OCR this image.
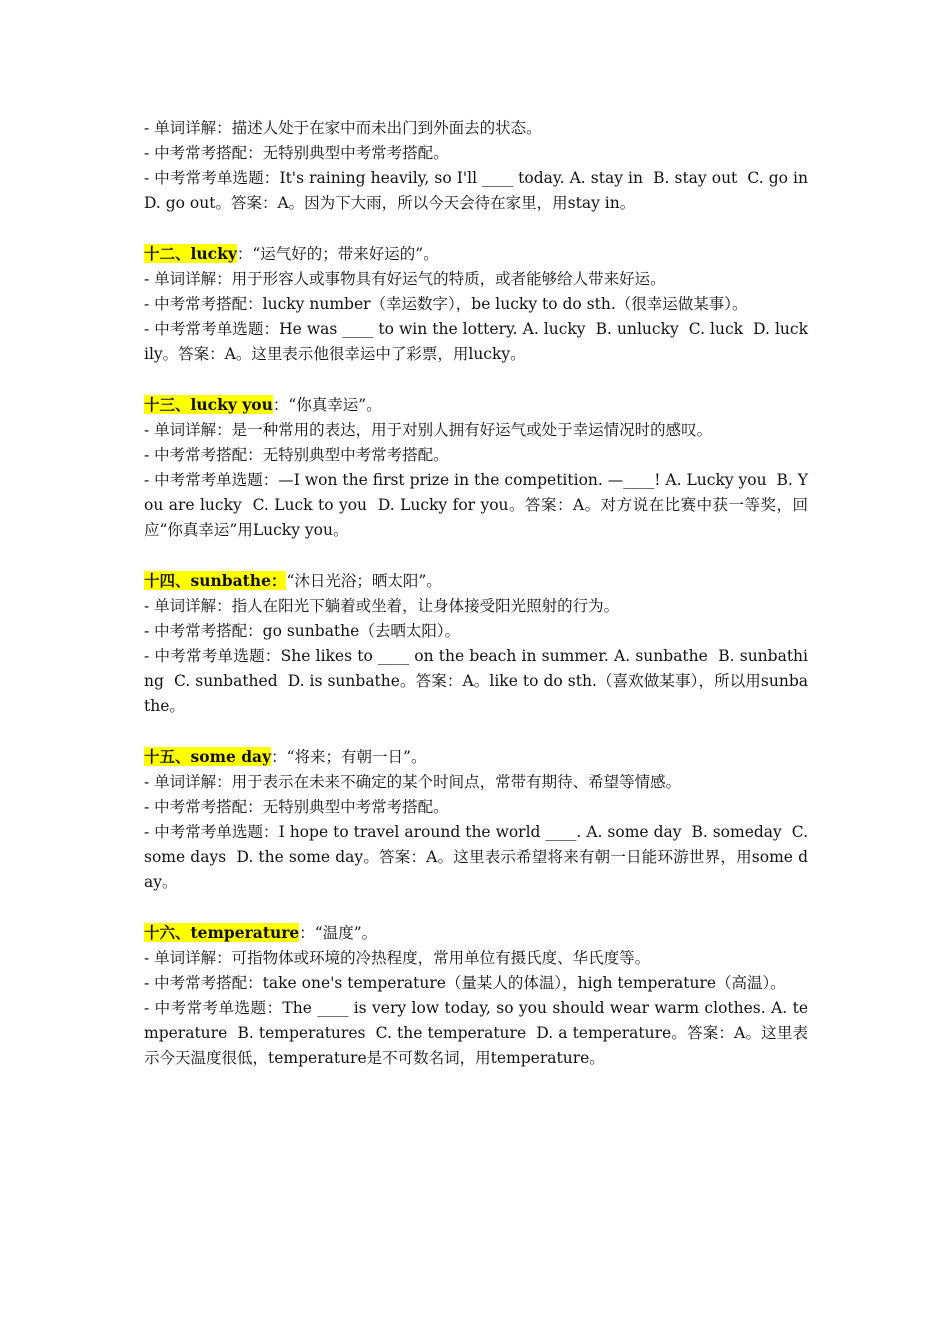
- 单词详解：描述人处于在家中而未出门到外面去的状态。
- 中考常考搭配：无特别典型中考常考搭配。
- 中考常考单选题：It's raining heavily, so I'll ____ today. A. stay in  B. stay out  C. go in  D. go out。答案：A。因为下大雨，所以今天会待在家里，用stay in。
十二、lucky：“运气好的；带来好运的”。
- 单词详解：用于形容人或事物具有好运气的特质，或者能够给人带来好运。
- 中考常考搭配：lucky number（幸运数字），be lucky to do sth.（很幸运做某事）。
- 中考常考单选题：He was ____ to win the lottery. A. lucky  B. unlucky  C. luck  D. luckily。答案：A。这里表示他很幸运中了彩票，用lucky。
十三、lucky you：“你真幸运”。
- 单词详解：是一种常用的表达，用于对别人拥有好运气或处于幸运情况时的感叹。
- 中考常考搭配：无特别典型中考常考搭配。
- 中考常考单选题：—I won the first prize in the competition. —____! A. Lucky you  B. You are lucky  C. Luck to you  D. Lucky for you。答案：A。对方说在比赛中获一等奖，回应“你真幸运”用Lucky you。
十四、sunbathe：“沐日光浴；晒太阳”。
- 单词详解：指人在阳光下躺着或坐着，让身体接受阳光照射的行为。
- 中考常考搭配：go sunbathe（去晒太阳）。
- 中考常考单选题：She likes to ____ on the beach in summer. A. sunbathe  B. sunbathing  C. sunbathed  D. is sunbathe。答案：A。like to do sth.（喜欢做某事），所以用sunbathe。
十五、some day：“将来；有朝一日”。
- 单词详解：用于表示在未来不确定的某个时间点，常带有期待、希望等情感。
- 中考常考搭配：无特别典型中考常考搭配。
- 中考常考单选题：I hope to travel around the world ____. A. some day  B. someday  C. some days  D. the some day。答案：A。这里表示希望将来有朝一日能环游世界，用some day。
十六、temperature：“温度”。
- 单词详解：可指物体或环境的冷热程度，常用单位有摄氏度、华氏度等。
- 中考常考搭配：take one's temperature（量某人的体温），high temperature（高温）。
- 中考常考单选题：The ____ is very low today, so you should wear warm clothes. A. temperature  B. temperatures  C. the temperature  D. a temperature。答案：A。这里表示今天温度很低，temperature是不可数名词，用temperature。
